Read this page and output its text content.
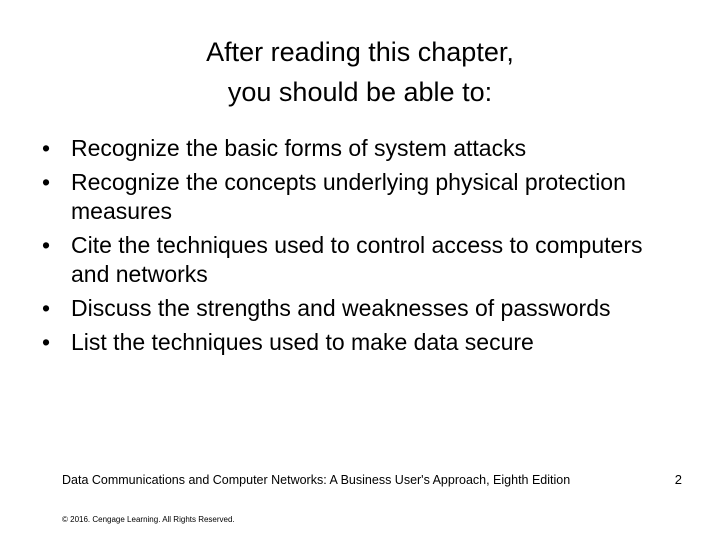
After reading this chapter,
you should be able to:
• Recognize the basic forms of system attacks
• Recognize the concepts underlying physical protection measures
• Cite the techniques used to control access to computers and networks
• Discuss the strengths and weaknesses of passwords
• List the techniques used to make data secure
Data Communications and Computer Networks: A Business User's Approach, Eighth Edition	2
© 2016. Cengage Learning. All Rights Reserved.
